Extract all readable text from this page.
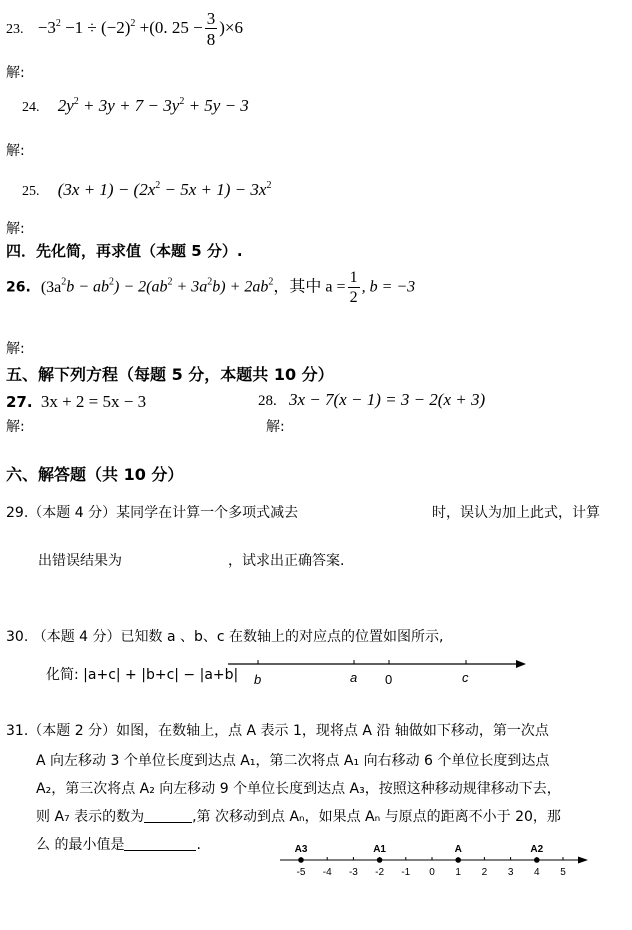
23. $-3^2 -1 \div (-2)^2 +(0$. $25 - \frac{3}{8} )\times 6$
解:
24. $2y^2 + 3y + 7 - 3y^2 + 5y - 3$
解:
25. $(3x + 1) - (2x^2 - 5x + 1) - 3x^2$
解:
四．先化简，再求值（本题 5 分）.
26. $(3a^2b - ab^2) - 2(ab^2 + 3a^2b) + 2ab^2$，其中 $a = \frac{1}{2}$ , b = −3
解:
五、解下列方程（每题 5 分，本题共 10 分）
27. 3x + 2 = 5x − 3
解:
28. 3x − 7(x − 1) = 3 − 2(x + 3)
解:
六、解答题（共 10 分）
29.（本题 4 分）某同学在计算一个多项式减去	时，误认为加上此式，计算
出错误结果为	，试求出正确答案.
30. （本题 4 分）已知数 a 、b、c 在数轴上的对应点的位置如图所示,
化简: |a+c| + |b+c| − |a+b| b	a 0	c
31.（本题 2 分）如图，在数轴上，点 A 表示 1，现将点 A 沿 轴做如下移动，第一次点
A 向左移动 3 个单位长度到达点 A₁，第二次将点 A₁ 向右移动 6 个单位长度到达点
A₂，第三次将点 A₂ 向左移动 9 个单位长度到达点 A₃，按照这种移动规律移动下去，
则 A₇ 表示的数为	,第 次移动到点 Aₙ，如果点 Aₙ 与原点的距离不小于 20，那
么 的最小值是	.
-5 -4 -3 -2 -1 0 1 2 3 4 5
A3	A1	A	A2
